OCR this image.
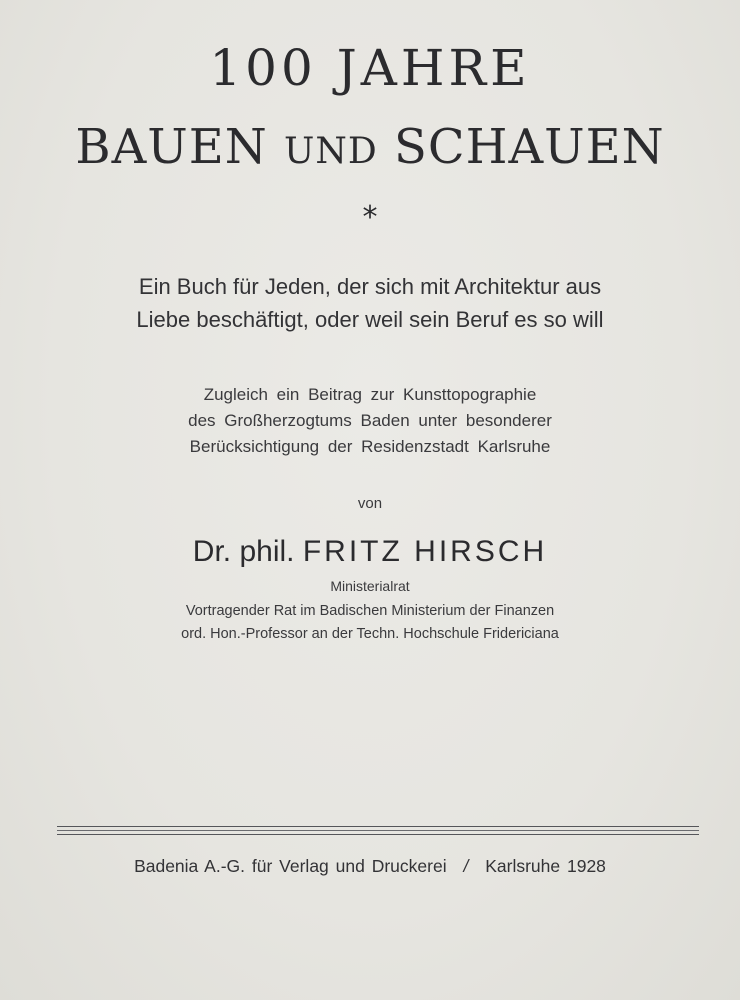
100 JAHRE
BAUEN UND SCHAUEN
*
Ein Buch für Jeden, der sich mit Architektur aus
Liebe beschäftigt, oder weil sein Beruf es so will
Zugleich ein Beitrag zur Kunsttopographie
des Großherzogtums Baden unter besonderer
Berücksichtigung der Residenzstadt Karlsruhe
von
Dr. phil. FRITZ HIRSCH
Ministerialrat
Vortragender Rat im Badischen Ministerium der Finanzen
ord. Hon.-Professor an der Techn. Hochschule Fridericiana
Badenia A.-G. für Verlag und Druckerei / Karlsruhe 1928
